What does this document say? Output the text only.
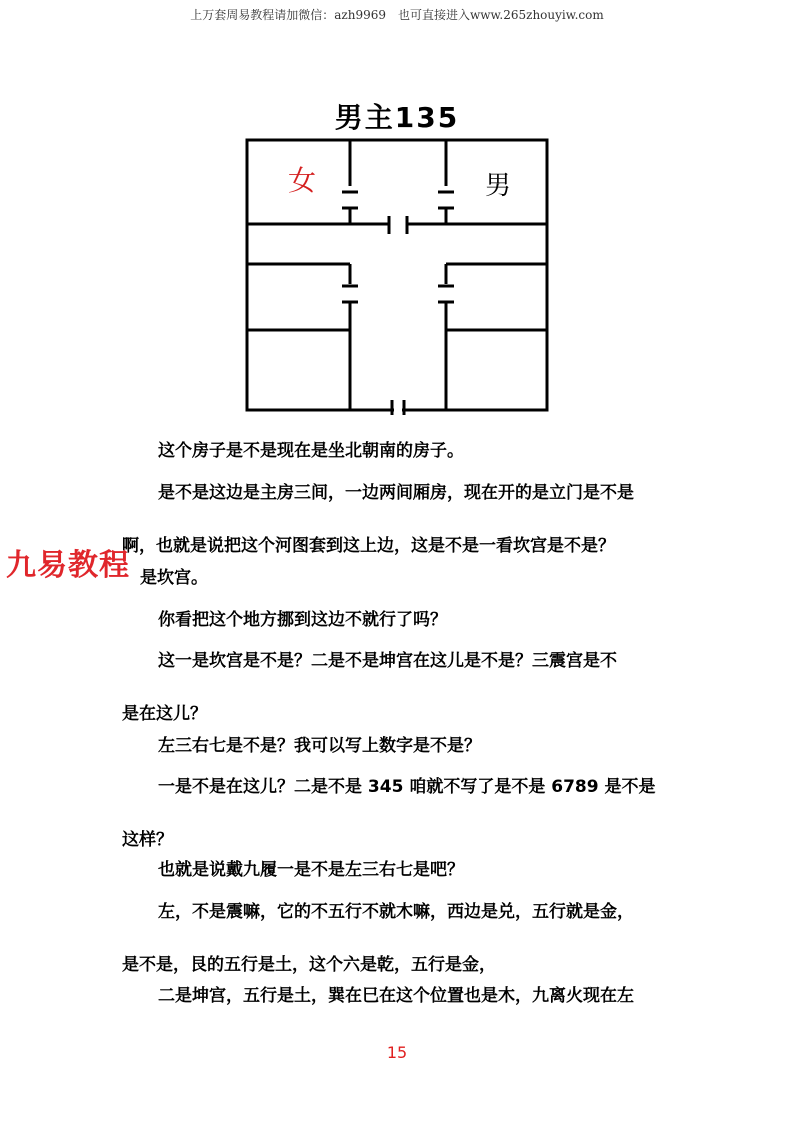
上万套周易教程请加微信：azh9969　也可直接进入www.265zhouyiw.com
男主135
女	男
这个房子是不是现在是坐北朝南的房子。
是不是这边是主房三间，一边两间厢房，现在开的是立门是不是
啊，也就是说把这个河图套到这上边，这是不是一看坎宫是不是？
是坎宫。
九易教程
你看把这个地方挪到这边不就行了吗？
这一是坎宫是不是？二是不是坤宫在这儿是不是？三震宫是不
是在这儿？
左三右七是不是？我可以写上数字是不是？
一是不是在这儿？二是不是 345 咱就不写了是不是 6789 是不是
这样？
也就是说戴九履一是不是左三右七是吧？
左，不是震嘛，它的不五行不就木嘛，西边是兑，五行就是金，
是不是，艮的五行是土，这个六是乾，五行是金，
二是坤宫，五行是土，巽在巳在这个位置也是木，九离火现在左
15
